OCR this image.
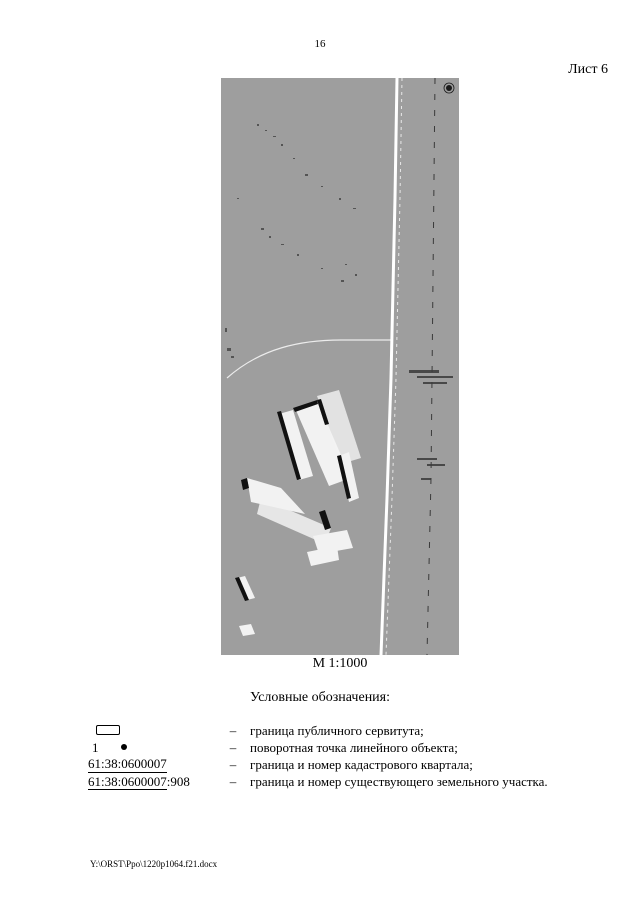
16
Лист 6
М 1:1000
Условные обозначения:
– граница публичного сервитута;
1	– поворотная точка линейного объекта;
61:38:0600007	– граница и номер кадастрового квартала;
61:38:0600007:908	– граница и номер существующего земельного участка.
Y:\ORST\Ppo\1220p1064.f21.docx
